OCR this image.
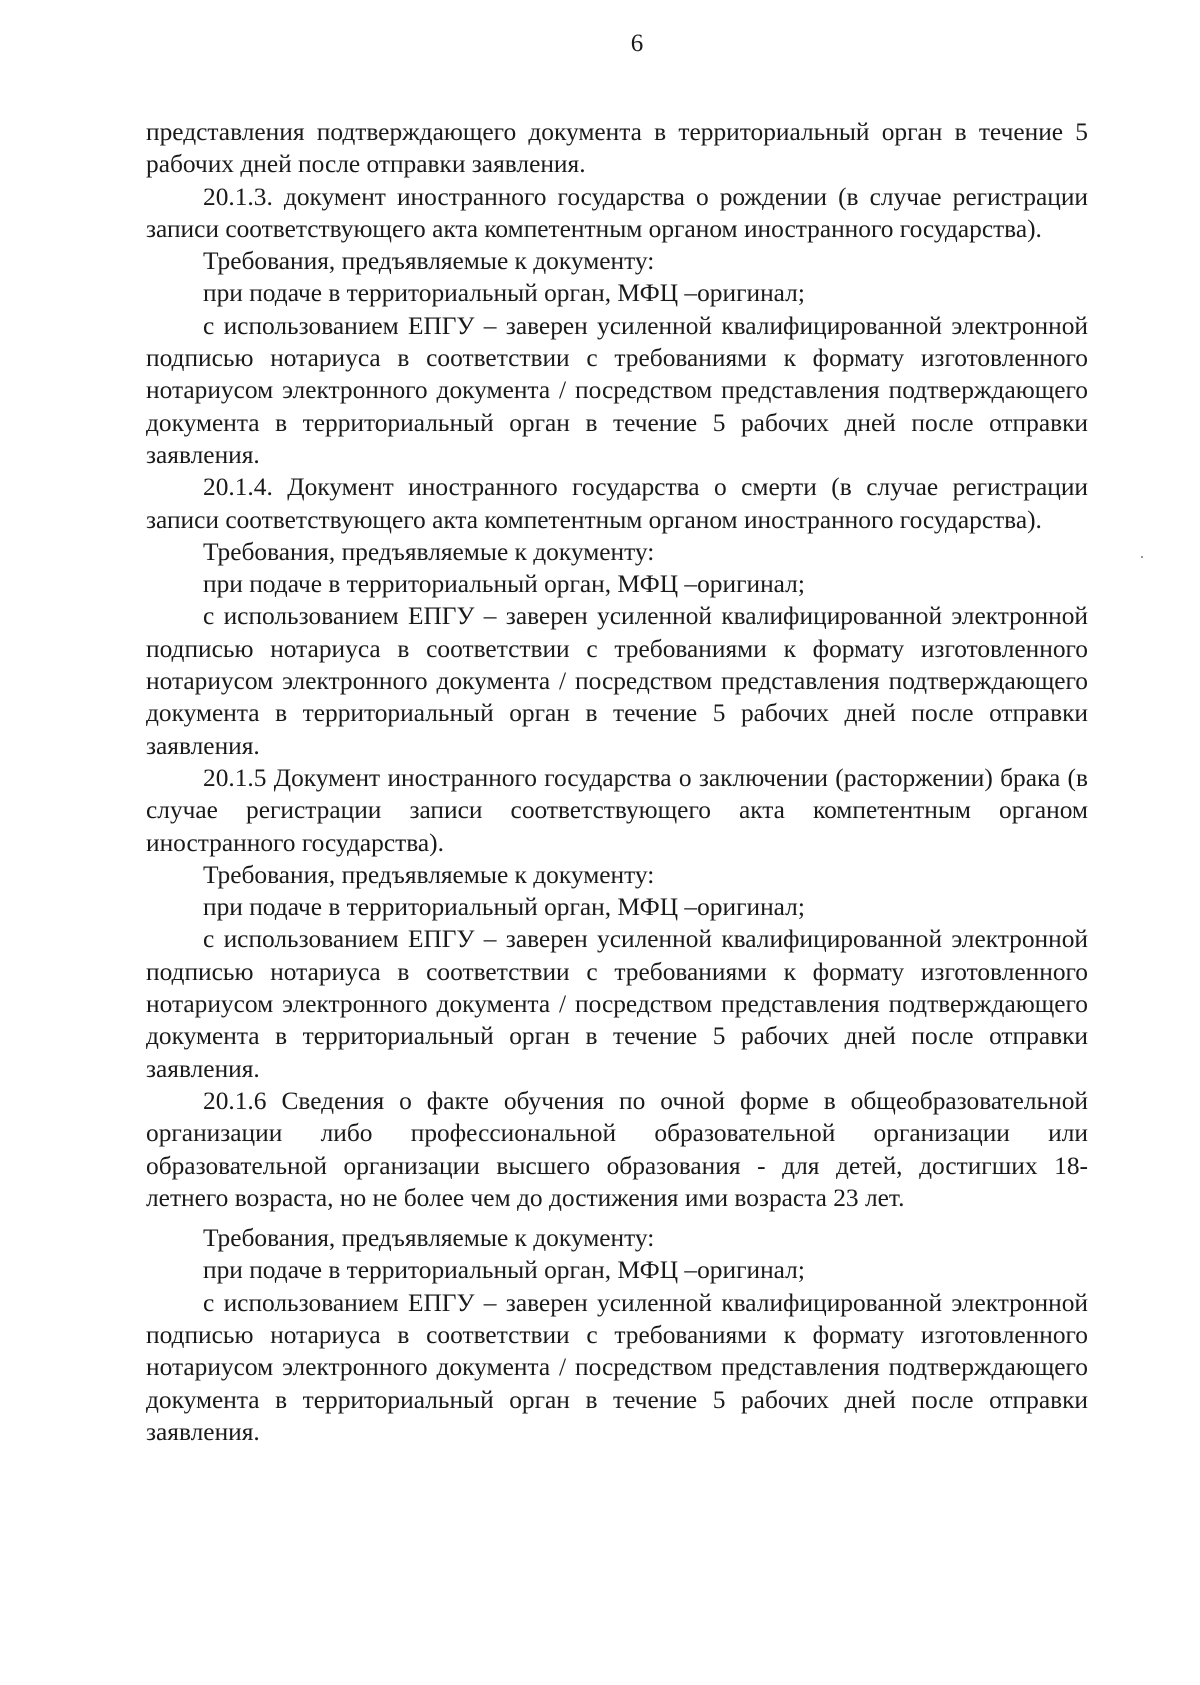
6

представления подтверждающего документа в территориальный орган в течение 5 рабочих дней после отправки заявления.

20.1.3. документ иностранного государства о рождении (в случае регистрации записи соответствующего акта компетентным органом иностранного государства).

Требования, предъявляемые к документу:

при подаче в территориальный орган, МФЦ –оригинал;

с использованием ЕПГУ – заверен усиленной квалифицированной электронной подписью нотариуса в соответствии с требованиями к формату изготовленного нотариусом электронного документа / посредством представления подтверждающего документа в территориальный орган в течение 5 рабочих дней после отправки заявления.

20.1.4. Документ иностранного государства о смерти (в случае регистрации записи соответствующего акта компетентным органом иностранного государства).

Требования, предъявляемые к документу:

при подаче в территориальный орган, МФЦ –оригинал;

с использованием ЕПГУ – заверен усиленной квалифицированной электронной подписью нотариуса в соответствии с требованиями к формату изготовленного нотариусом электронного документа / посредством представления подтверждающего документа в территориальный орган в течение 5 рабочих дней после отправки заявления.

20.1.5 Документ иностранного государства о заключении (расторжении) брака (в случае регистрации записи соответствующего акта компетентным органом иностранного государства).

Требования, предъявляемые к документу:

при подаче в территориальный орган, МФЦ –оригинал;

с использованием ЕПГУ – заверен усиленной квалифицированной электронной подписью нотариуса в соответствии с требованиями к формату изготовленного нотариусом электронного документа / посредством представления подтверждающего документа в территориальный орган в течение 5 рабочих дней после отправки заявления.

20.1.6 Сведения о факте обучения по очной форме в общеобразовательной организации либо профессиональной образовательной организации или образовательной организации высшего образования - для детей, достигших 18-летнего возраста, но не более чем до достижения ими возраста 23 лет.

Требования, предъявляемые к документу:

при подаче в территориальный орган, МФЦ –оригинал;

с использованием ЕПГУ – заверен усиленной квалифицированной электронной подписью нотариуса в соответствии с требованиями к формату изготовленного нотариусом электронного документа / посредством представления подтверждающего документа в территориальный орган в течение 5 рабочих дней после отправки заявления.
